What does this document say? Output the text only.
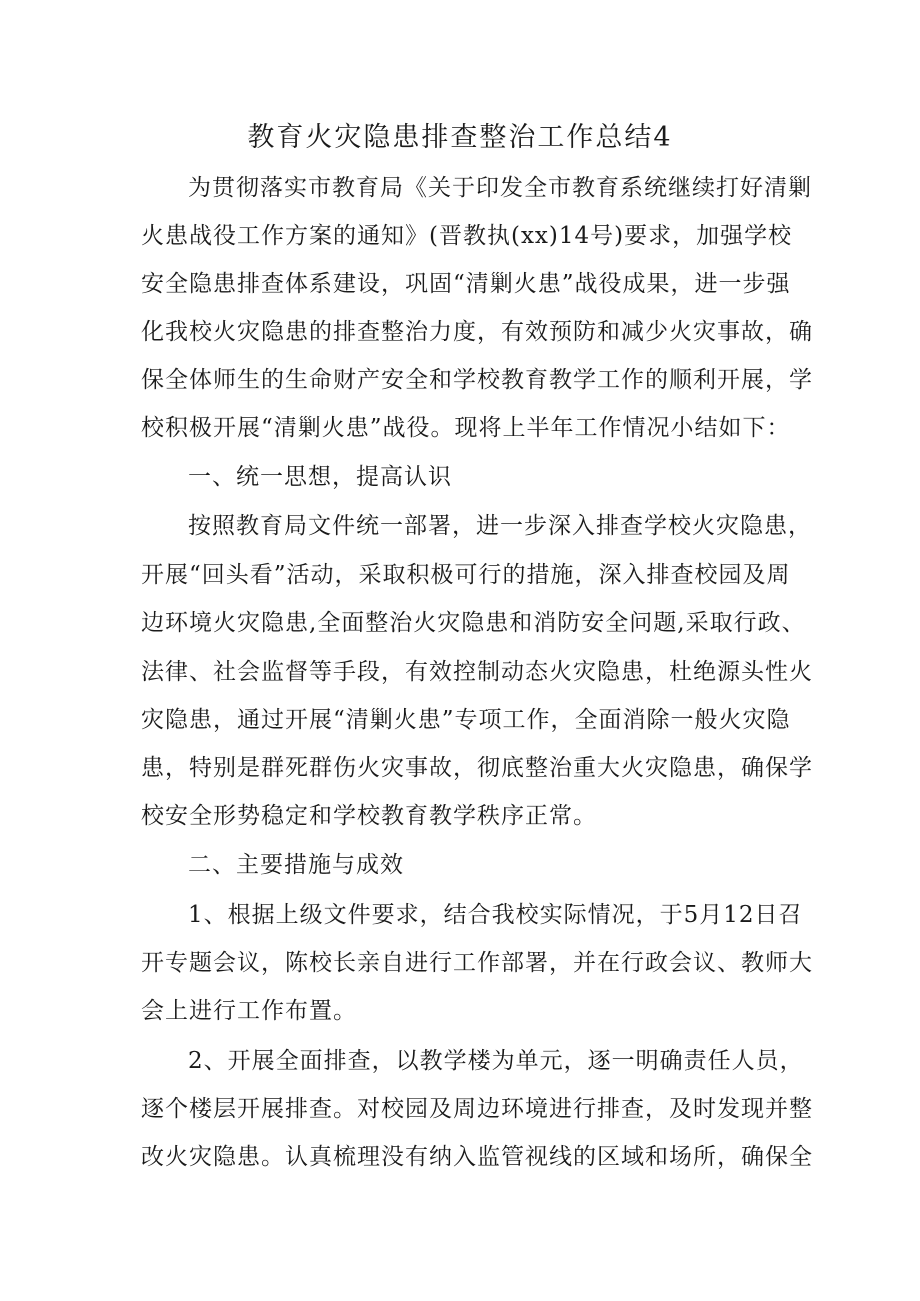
教育火灾隐患排查整治工作总结4
为贯彻落实市教育局《关于印发全市教育系统继续打好清剿
火患战役工作方案的通知》(晋教执(xx)14号)要求，加强学校
安全隐患排查体系建设，巩固“清剿火患”战役成果，进一步强
化我校火灾隐患的排查整治力度，有效预防和减少火灾事故，确
保全体师生的生命财产安全和学校教育教学工作的顺利开展，学
校积极开展“清剿火患”战役。现将上半年工作情况小结如下：
一、统一思想，提高认识
按照教育局文件统一部署，进一步深入排查学校火灾隐患，
开展“回头看”活动，采取积极可行的措施，深入排查校园及周
边环境火灾隐患,全面整治火灾隐患和消防安全问题,采取行政、
法律、社会监督等手段，有效控制动态火灾隐患，杜绝源头性火
灾隐患，通过开展“清剿火患”专项工作，全面消除一般火灾隐
患，特别是群死群伤火灾事故，彻底整治重大火灾隐患，确保学
校安全形势稳定和学校教育教学秩序正常。
二、主要措施与成效
1、根据上级文件要求，结合我校实际情况，于5月12日召
开专题会议，陈校长亲自进行工作部署，并在行政会议、教师大
会上进行工作布置。
2、开展全面排查，以教学楼为单元，逐一明确责任人员，
逐个楼层开展排查。对校园及周边环境进行排查，及时发现并整
改火灾隐患。认真梳理没有纳入监管视线的区域和场所，确保全
